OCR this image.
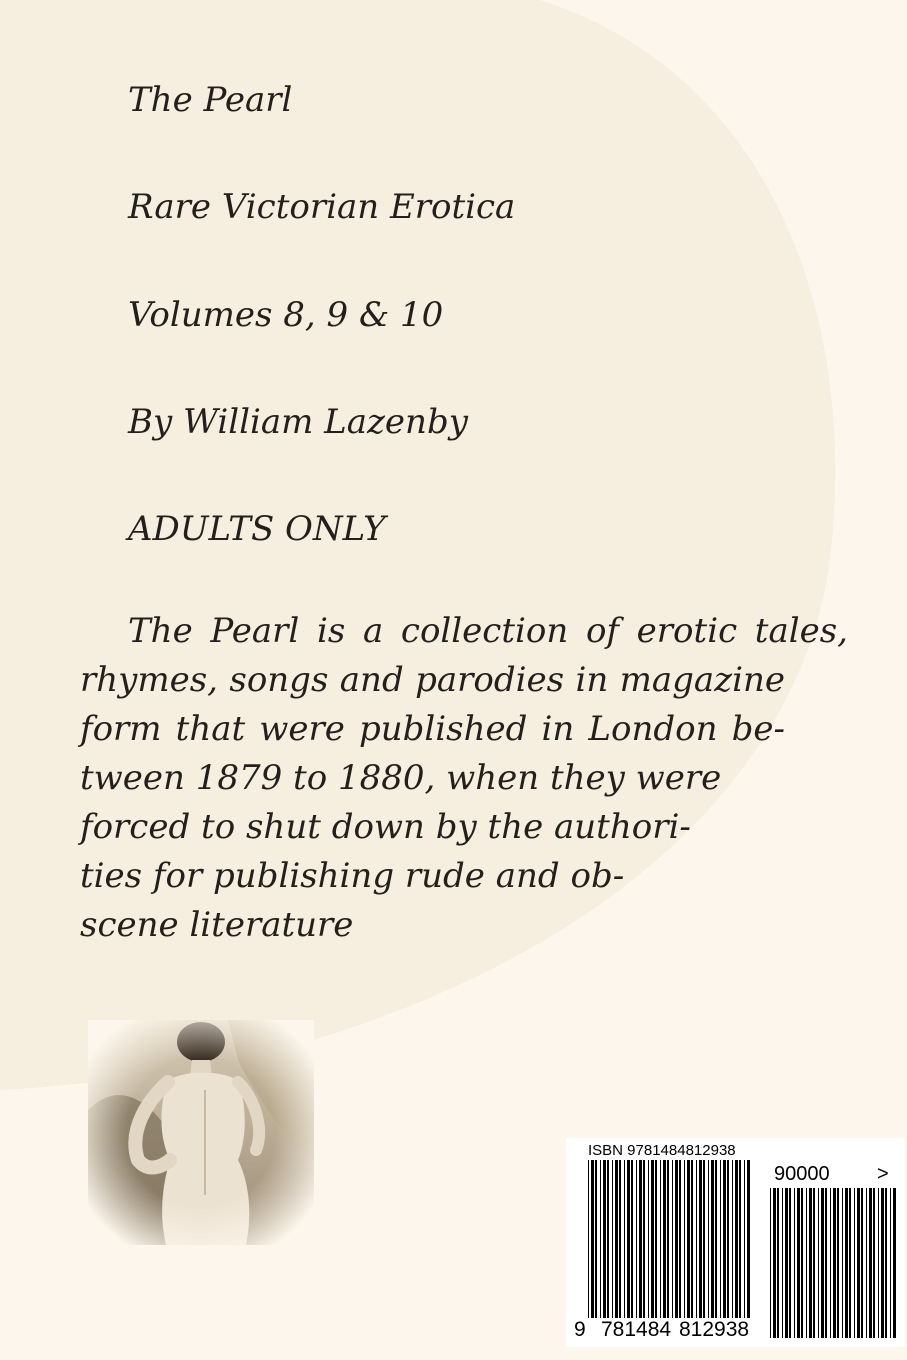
The Pearl

Rare Victorian Erotica

Volumes 8, 9 & 10

By William Lazenby

ADULTS ONLY

The Pearl is a collection of erotic tales,
rhymes, songs and parodies in magazine
form that were published in London be-
tween 1879 to 1880, when they were
forced to shut down by the authori-
ties for publishing rude and ob-
scene literature
ISBN 9781484812938
9 781484 812938
90000 >
